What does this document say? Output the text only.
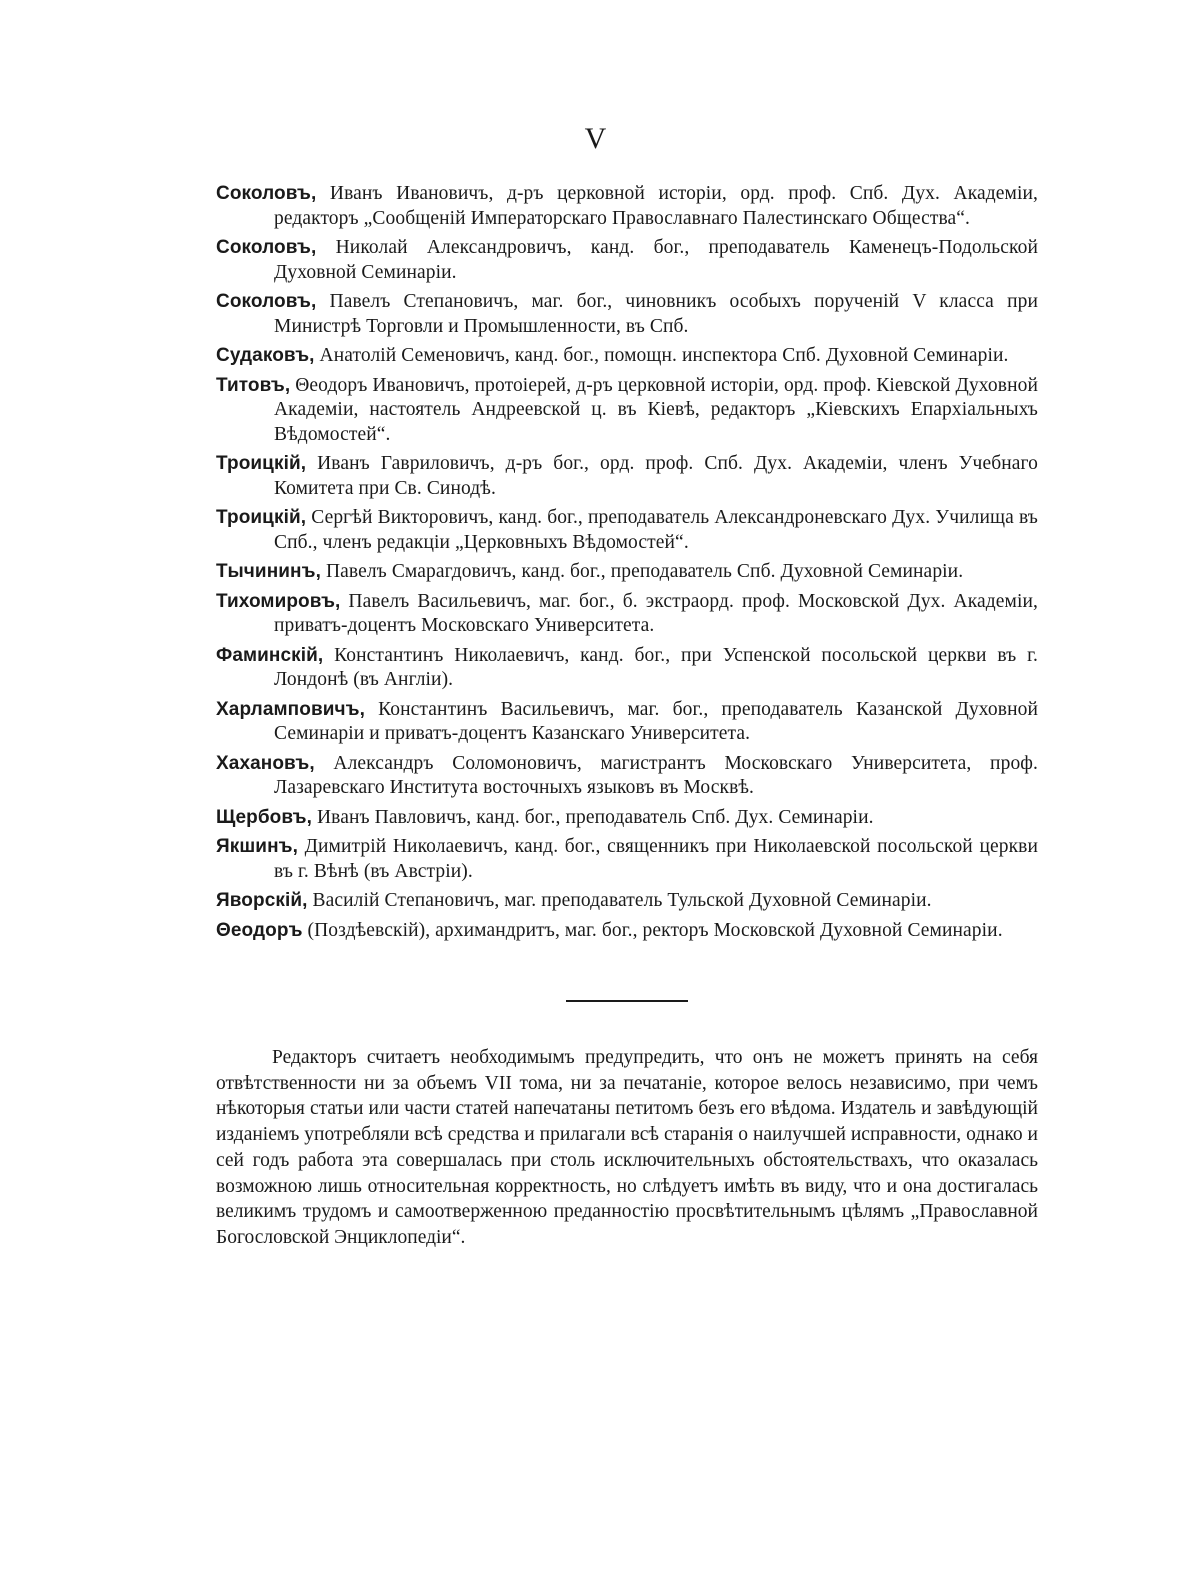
V

Соколовъ, Иванъ Ивановичъ, д-ръ церковной исторіи, орд. проф. Спб. Дух. Академіи, редакторъ „Сообщеній Императорскаго Православнаго Палестинскаго Общества“.

Соколовъ, Николай Александровичъ, канд. бог., преподаватель Каменецъ-Подольской Духовной Семинаріи.

Соколовъ, Павелъ Степановичъ, маг. бог., чиновникъ особыхъ порученій V класса при Министрѣ Торговли и Промышленности, въ Спб.

Судаковъ, Анатолій Семеновичъ, канд. бог., помощн. инспектора Спб. Духовной Семинаріи.

Титовъ, Θеодоръ Ивановичъ, протоіерей, д-ръ церковной исторіи, орд. проф. Кіевской Духовной Академіи, настоятель Андреевской ц. въ Кіевѣ, редакторъ „Кіевскихъ Епархіальныхъ Вѣдомостей“.

Троицкій, Иванъ Гавриловичъ, д-ръ бог., орд. проф. Спб. Дух. Академіи, членъ Учебнаго Комитета при Св. Синодѣ.

Троицкій, Сергѣй Викторовичъ, канд. бог., преподаватель Александроневскаго Дух. Училища въ Спб., членъ редакціи „Церковныхъ Вѣдомостей“.

Тычининъ, Павелъ Смарагдовичъ, канд. бог., преподаватель Спб. Духовной Семинаріи.

Тихомировъ, Павелъ Васильевичъ, маг. бог., б. экстраорд. проф. Московской Дух. Академіи, приватъ-доцентъ Московскаго Университета.

Фаминскій, Константинъ Николаевичъ, канд. бог., при Успенской посольской церкви въ г. Лондонѣ (въ Англіи).

Харламповичъ, Константинъ Васильевичъ, маг. бог., преподаватель Казанской Духовной Семинаріи и приватъ-доцентъ Казанскаго Университета.

Хахановъ, Александръ Соломоновичъ, магистрантъ Московскаго Университета, проф. Лазаревскаго Института восточныхъ языковъ въ Москвѣ.

Щербовъ, Иванъ Павловичъ, канд. бог., преподаватель Спб. Дух. Семинаріи.

Якшинъ, Димитрій Николаевичъ, канд. бог., священникъ при Николаевской посольской церкви въ г. Вѣнѣ (въ Австріи).

Яворскій, Василій Степановичъ, маг. преподаватель Тульской Духовной Семинаріи.

Θеодоръ (Поздѣевскій), архимандритъ, маг. бог., ректоръ Московской Духовной Семинаріи.

Редакторъ считаетъ необходимымъ предупредить, что онъ не можетъ принять на себя отвѣтственности ни за объемъ VII тома, ни за печатаніе, которое велось независимо, при чемъ нѣкоторыя статьи или части статей напечатаны петитомъ безъ его вѣдома. Издатель и завѣдующій изданіемъ употребляли всѣ средства и прилагали всѣ старанія о наилучшей исправности, однако и сей годъ работа эта совершалась при столь исключительныхъ обстоятельствахъ, что оказалась возможною лишь относительная корректность, но слѣдуетъ имѣть въ виду, что и она достигалась великимъ трудомъ и самоотверженною преданностію просвѣтительнымъ цѣлямъ „Православной Богословской Энциклопедіи“.
